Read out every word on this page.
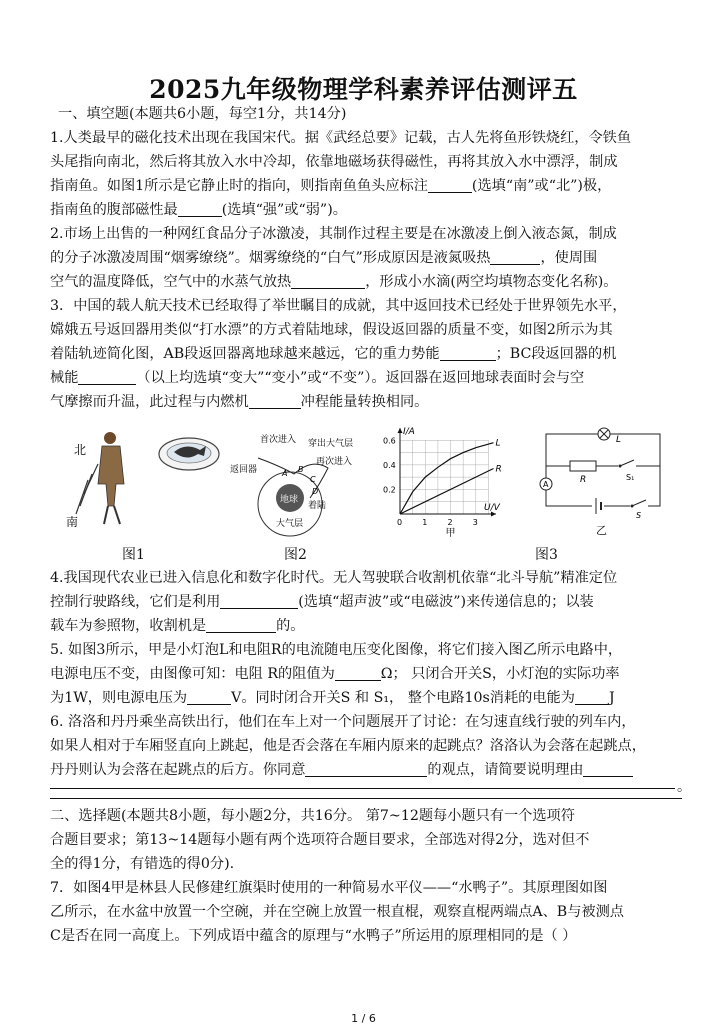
2025九年级物理学科素养评估测评五
一、填空题(本题共6小题，每空1分，共14分)
1.人类最早的磁化技术出现在我国宋代。据《武经总要》记载，古人先将鱼形铁烧红，令铁鱼
头尾指向南北，然后将其放入水中冷却，依靠地磁场获得磁性，再将其放入水中漂浮，制成
指南鱼。如图1所示是它静止时的指向，则指南鱼鱼头应标注	(选填“南”或“北”)极，
指南鱼的腹部磁性最	(选填“强”或“弱”)。
2.市场上出售的一种网红食品分子冰激凌，其制作过程主要是在冰激凌上倒入液态氮，制成
的分子冰激凌周围“烟雾缭绕”。烟雾缭绕的“白气”形成原因是液氮吸热	，使周围
空气的温度降低，空气中的水蒸气放热	，形成小水滴(两空均填物态变化名称)。
3．中国的载人航天技术已经取得了举世瞩目的成就，其中返回技术已经处于世界领先水平，
嫦娥五号返回器用类似“打水漂”的方式着陆地球，假设返回器的质量不变，如图2所示为其
着陆轨迹简化图，AB段返回器离地球越来越远，它的重力势能	；BC段返回器的机
械能	（以上均选填“变大”“变小”或“不变”）。返回器在返回地球表面时会与空
气摩擦而升温，此过程与内燃机	冲程能量转换相同。
北
南
图1
地球
首次进入 穿出大气层
返回器
再次进入
A B
C
D
着陆
大气层
图2
L
R
0	1	2	3
0.2
0.4
0.6
I/A
U/V
甲
L
R
A
S₁
S
乙
图3
4.我国现代农业已进入信息化和数字化时代。无人驾驶联合收割机依靠“北斗导航”精准定位
控制行驶路线，它们是利用	(选填“超声波”或“电磁波”)来传递信息的；以装
载车为参照物，收割机是	的。
5. 如图3所示，甲是小灯泡L和电阻R的电流随电压变化图像，将它们接入图乙所示电路中，
电源电压不变，由图像可知：电阻 R的阻值为	Ω； 只闭合开关S，小灯泡的实际功率
为1W，则电源电压为	V。同时闭合开关S 和 S₁， 整个电路10s消耗的电能为 J
6. 洛洛和丹丹乘坐高铁出行，他们在车上对一个问题展开了讨论：在匀速直线行驶的列车内，
如果人相对于车厢竖直向上跳起，他是否会落在车厢内原来的起跳点？洛洛认为会落在起跳点，
丹丹则认为会落在起跳点的后方。你同意	的观点，请简要说明理由
。
二、选择题(本题共8小题，每小题2分，共16分。 第7~12题每小题只有一个选项符
合题目要求；第13~14题每小题有两个选项符合题目要求，全部选对得2分，选对但不
全的得1分，有错选的得0分).
7．如图4甲是林县人民修建红旗渠时使用的一种简易水平仪——“水鸭子”。其原理图如图
乙所示，在水盆中放置一个空碗，并在空碗上放置一根直棍，观察直棍两端点A、B与被测点
C是否在同一高度上。下列成语中蕴含的原理与“水鸭子”所运用的原理相同的是（ ）
1 / 6
